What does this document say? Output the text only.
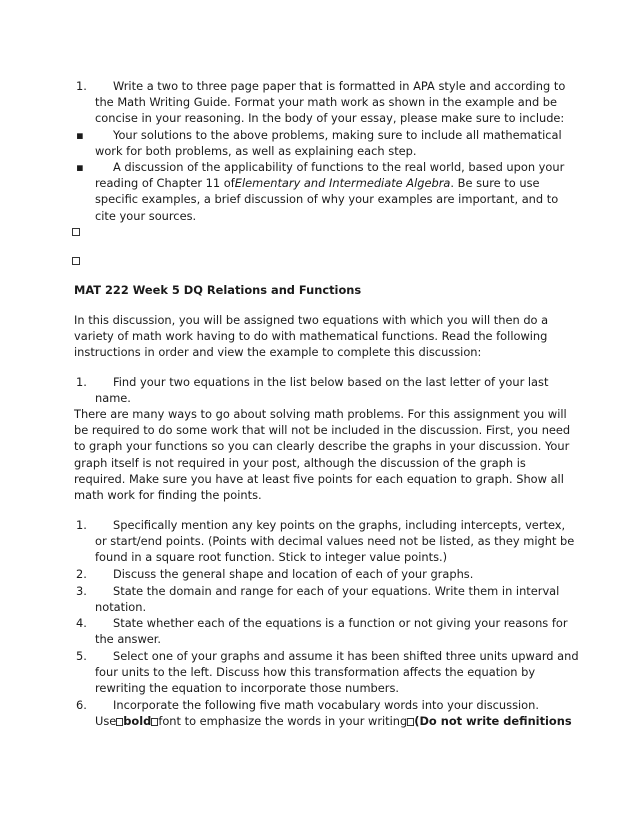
1.	Write a two to three page paper that is formatted in APA style and according to
the Math Writing Guide. Format your math work as shown in the example and be
concise in your reasoning. In the body of your essay, please make sure to include:
▪	Your solutions to the above problems, making sure to include all mathematical
work for both problems, as well as explaining each step.
▪	A discussion of the applicability of functions to the real world, based upon your
reading of Chapter 11 ofElementary and Intermediate Algebra. Be sure to use
specific examples, a brief discussion of why your examples are important, and to
cite your sources.
MAT 222 Week 5 DQ Relations and Functions
In this discussion, you will be assigned two equations with which you will then do a
variety of math work having to do with mathematical functions. Read the following
instructions in order and view the example to complete this discussion:
1.	Find your two equations in the list below based on the last letter of your last
name.
There are many ways to go about solving math problems. For this assignment you will
be required to do some work that will not be included in the discussion. First, you need
to graph your functions so you can clearly describe the graphs in your discussion. Your
graph itself is not required in your post, although the discussion of the graph is
required. Make sure you have at least five points for each equation to graph. Show all
math work for finding the points.
1.	Specifically mention any key points on the graphs, including intercepts, vertex,
or start/end points. (Points with decimal values need not be listed, as they might be
found in a square root function. Stick to integer value points.)
2.	Discuss the general shape and location of each of your graphs.
3.	State the domain and range for each of your equations. Write them in interval
notation.
4.	State whether each of the equations is a function or not giving your reasons for
the answer.
5.	Select one of your graphs and assume it has been shifted three units upward and
four units to the left. Discuss how this transformation affects the equation by
rewriting the equation to incorporate those numbers.
6.	Incorporate the following five math vocabulary words into your discussion.
Use bold font to emphasize the words in your writing (Do not write definitions
